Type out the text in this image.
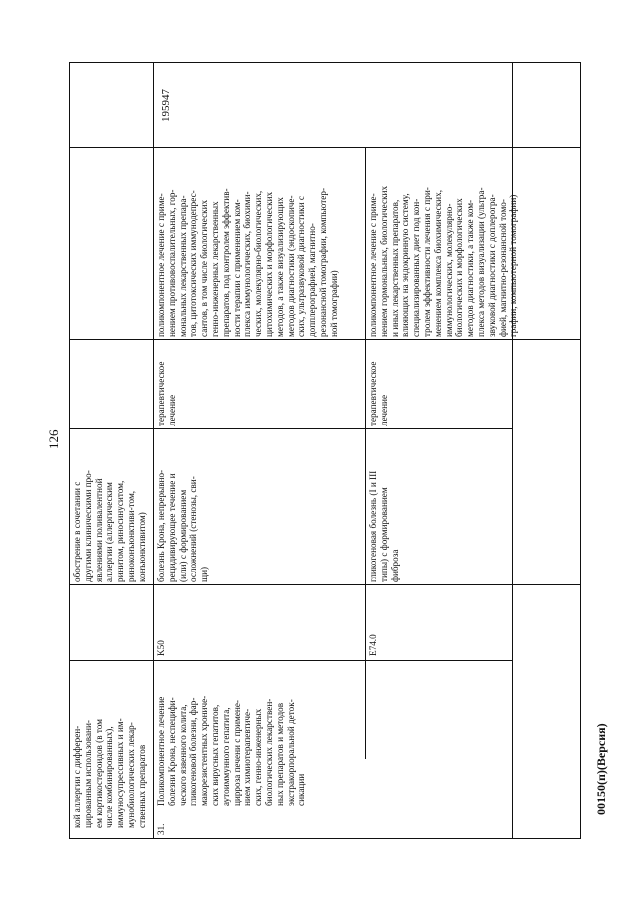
126
00150(п)(Версия)
кой аллергии с дифферен-
цированным использовани-
ем кортикостероидов (в том
числе комбинированных),
иммуносупрессивных и им-
мунобиологических лекар-
ственных препаратов
обострение в сочетании с
другими клиническими про-
явлениями поливалентной
аллергии (аллергическим
ринитом, риносинуситом,
риноконъюнктиви-том,
конъюнктивитом)
31.
Поликомпонентное лечение
болезни Крона, неспецифи-
ческого язвенного колита,
гликогеновой болезни, фар-
макорезистентных хрониче-
ских вирусных гепатитов,
аутоиммунного гепатита,
цирроза печени с примене-
нием химиотерапевтиче-
ских, генно-инженерных
биологических лекарствен-
ных препаратов и методов
экстракорпоральной деток-
сикации
K50
болезнь Крона, непрерывно-
рецидивирующее течение и
(или) с формированием
осложнений (стенозы, сви-
щи)
терапевтическое
лечение
поликомпонентное лечение с приме-
нением противовоспалительных, гор-
мональных лекарственных препара-
тов, цитотоксических иммунодепрес-
сантов, в том числе биологических
генно-инженерных лекарственных
препаратов, под контролем эффектив-
ности терапии с применением ком-
плекса иммунологических, биохими-
ческих, молекулярно-биологических,
цитохимических и морфологических
методов, а также визуализирующих
методов диагностики (эндоскопиче-
ских, ультразвуковой диагностики с
допплерографией, магнитно-
резонансной томографии, компьютер-
ной томографии)
E74.0
гликогеновая болезнь (I и III
типы) с формированием
фиброза
терапевтическое
лечение
поликомпонентное лечение с приме-
нением гормональных, биологических
и иных лекарственных препаратов,
влияющих на эндокринную систему,
специализированных диет под кон-
тролем эффективности лечения с при-
менением комплекса биохимических,
иммунологических, молекулярно-
биологических и морфологических
методов диагностики, а также ком-
плекса методов визуализации (ультра-
звуковой диагностики с доплерогра-
фией, магнитно-резонансной томо-
графии, компьютерной томографии)
195947
